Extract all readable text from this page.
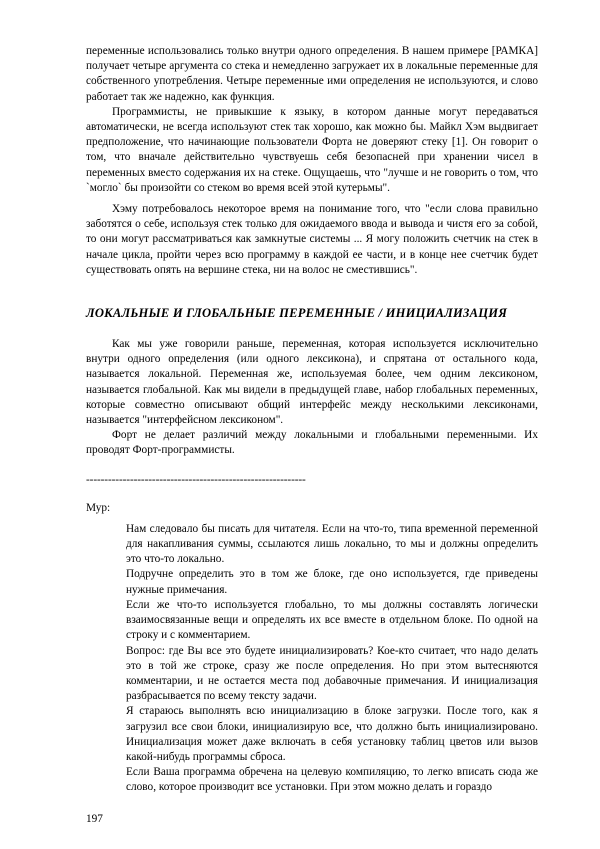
переменные использовались только внутри одного определения. В нашем примере [РАМКА] получает четыре аргумента со стека и немедленно загружает их в локальные переменные для собственного употребления. Четыре переменные ими определения не используются, и слово работает так же надежно, как функция.

Программисты, не привыкшие к языку, в котором данные могут передаваться автоматически, не всегда используют стек так хорошо, как можно бы. Майкл Хэм выдвигает предположение, что начинающие пользователи Форта не доверяют стеку [1]. Он говорит о том, что вначале действительно чувствуешь себя безопасней при хранении чисел в переменных вместо содержания их на стеке. Ощущаешь, что "лучше и не говорить о том, что `могло` бы произойти со стеком во время всей этой кутерьмы".

Хэму потребовалось некоторое время на понимание того, что "если слова правильно заботятся о себе, используя стек только для ожидаемого ввода и вывода и чистя его за собой, то они могут рассматриваться как замкнутые системы ... Я могу положить счетчик на стек в начале цикла, пройти через всю программу в каждой ее части, и в конце нее счетчик будет существовать опять на вершине стека, ни на волос не сместившись".

ЛОКАЛЬНЫЕ И ГЛОБАЛЬНЫЕ ПЕРЕМЕННЫЕ / ИНИЦИАЛИЗАЦИЯ

Как мы уже говорили раньше, переменная, которая используется исключительно внутри одного определения (или одного лексикона), и спрятана от остального кода, называется локальной. Переменная же, используемая более, чем одним лексиконом, называется глобальной. Как мы видели в предыдущей главе, набор глобальных переменных, которые совместно описывают общий интерфейс между несколькими лексиконами, называется "интерфейсном лексиконом".

Форт не делает различий между локальными и глобальными переменными. Их проводят Форт-программисты.

------------------------------------------------------------

Мур:

Нам следовало бы писать для читателя. Если на что-то, типа временной переменной для накапливания суммы, ссылаются лишь локально, то мы и должны определить это что-то локально.

Подручне определить это в том же блоке, где оно используется, где приведены нужные примечания.

Если же что-то используется глобально, то мы должны составлять логически взаимосвязанные вещи и определять их все вместе в отдельном блоке. По одной на строку и с комментарием.

Вопрос: где Вы все это будете инициализировать? Кое-кто считает, что надо делать это в той же строке, сразу же после определения. Но при этом вытесняются комментарии, и не остается места под добавочные примечания. И инициализация разбрасывается по всему тексту задачи.

Я стараюсь выполнять всю инициализацию в блоке загрузки. После того, как я загрузил все свои блоки, инициализирую все, что должно быть инициализировано. Инициализация может даже включать в себя установку таблиц цветов или вызов какой-нибудь программы сброса.

Если Ваша программа обречена на целевую компиляцию, то легко вписать сюда же слово, которое производит все установки. При этом можно делать и гораздо

197
